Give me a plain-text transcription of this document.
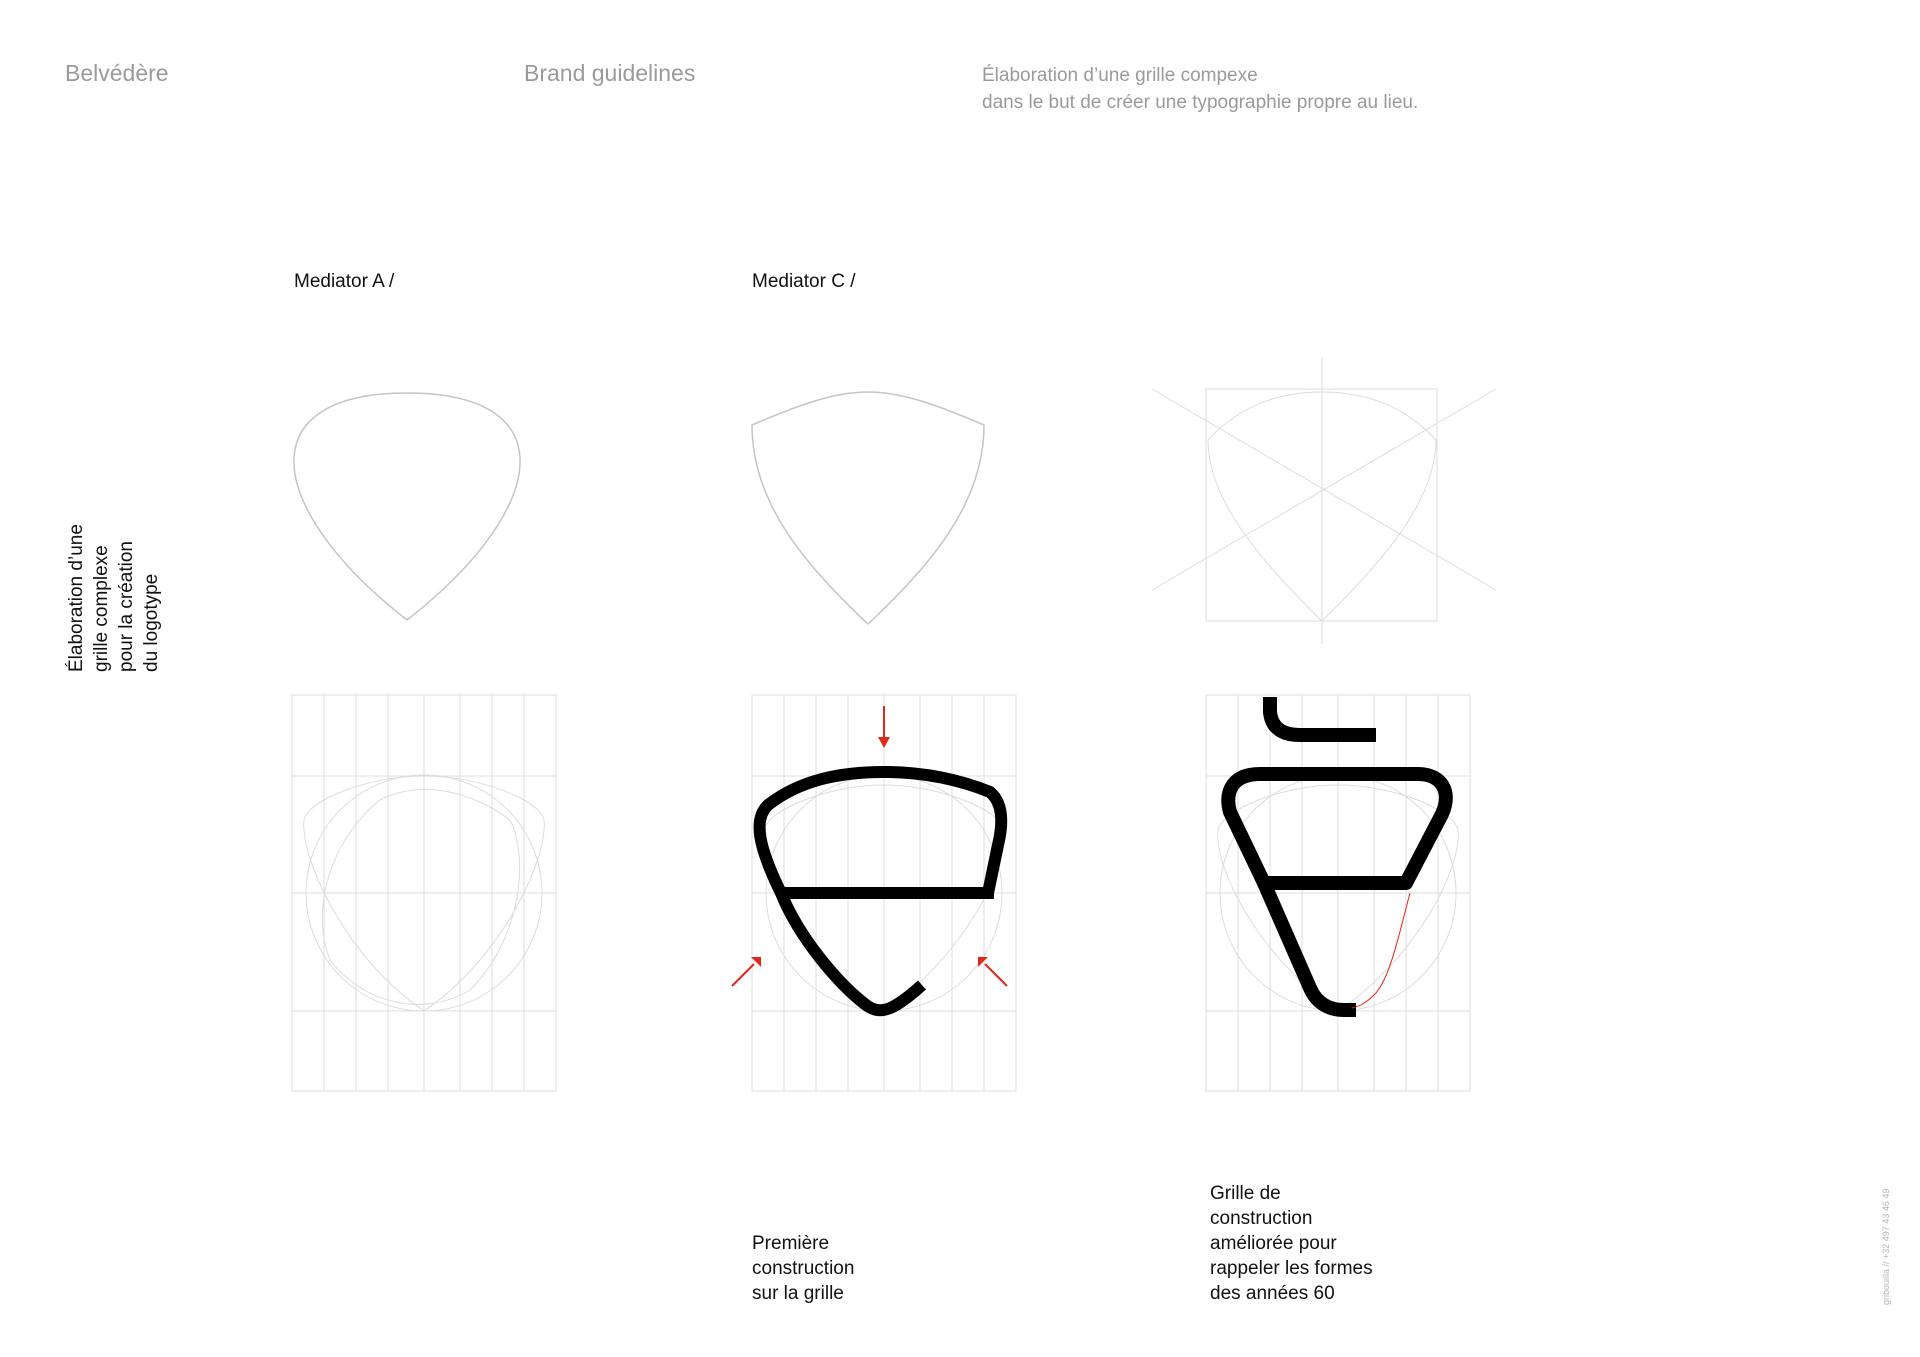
Belvédère	Brand guidelines	Élaboration d’une grille compexe
dans le but de créer une typographie propre au lieu.

Élaboration d’une grille complexe pour la création du logotype
Mediator A /	Mediator C /
Première
construction
sur la grille
Grille de
construction
améliorée pour
rappeler les formes
des années 60	gribouilla // +32 497 43 46 49
